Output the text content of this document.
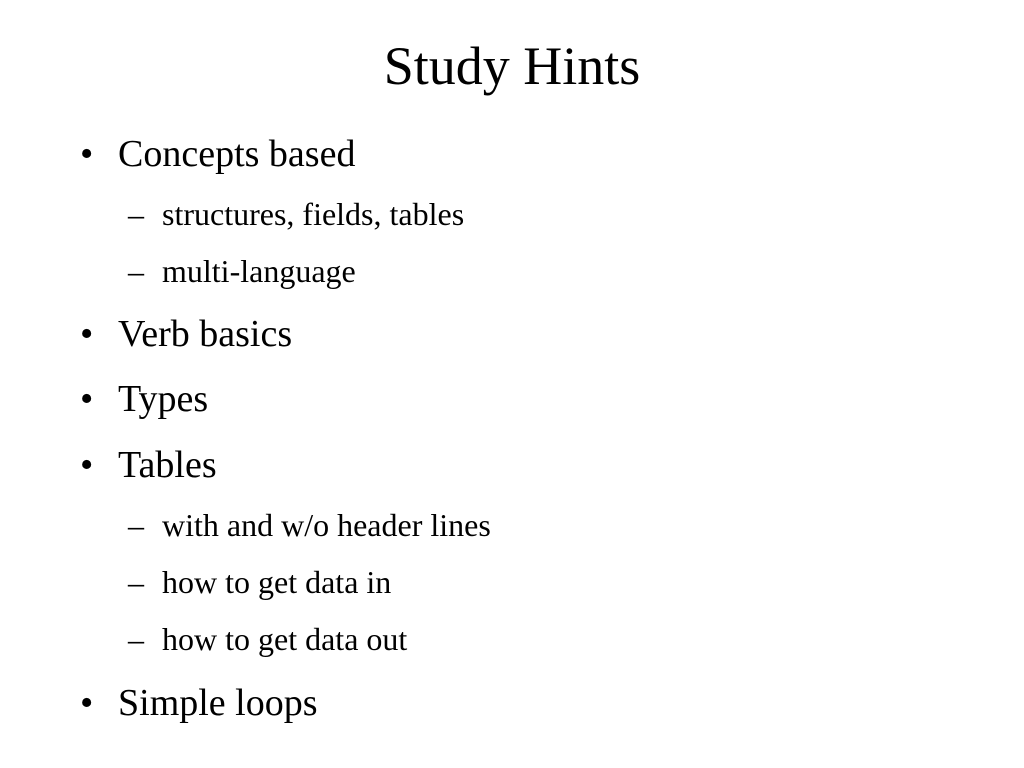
Study Hints
• Concepts based
– structures, fields, tables
– multi-language
• Verb basics
• Types
• Tables
– with and w/o header lines
– how to get data in
– how to get data out
• Simple loops
